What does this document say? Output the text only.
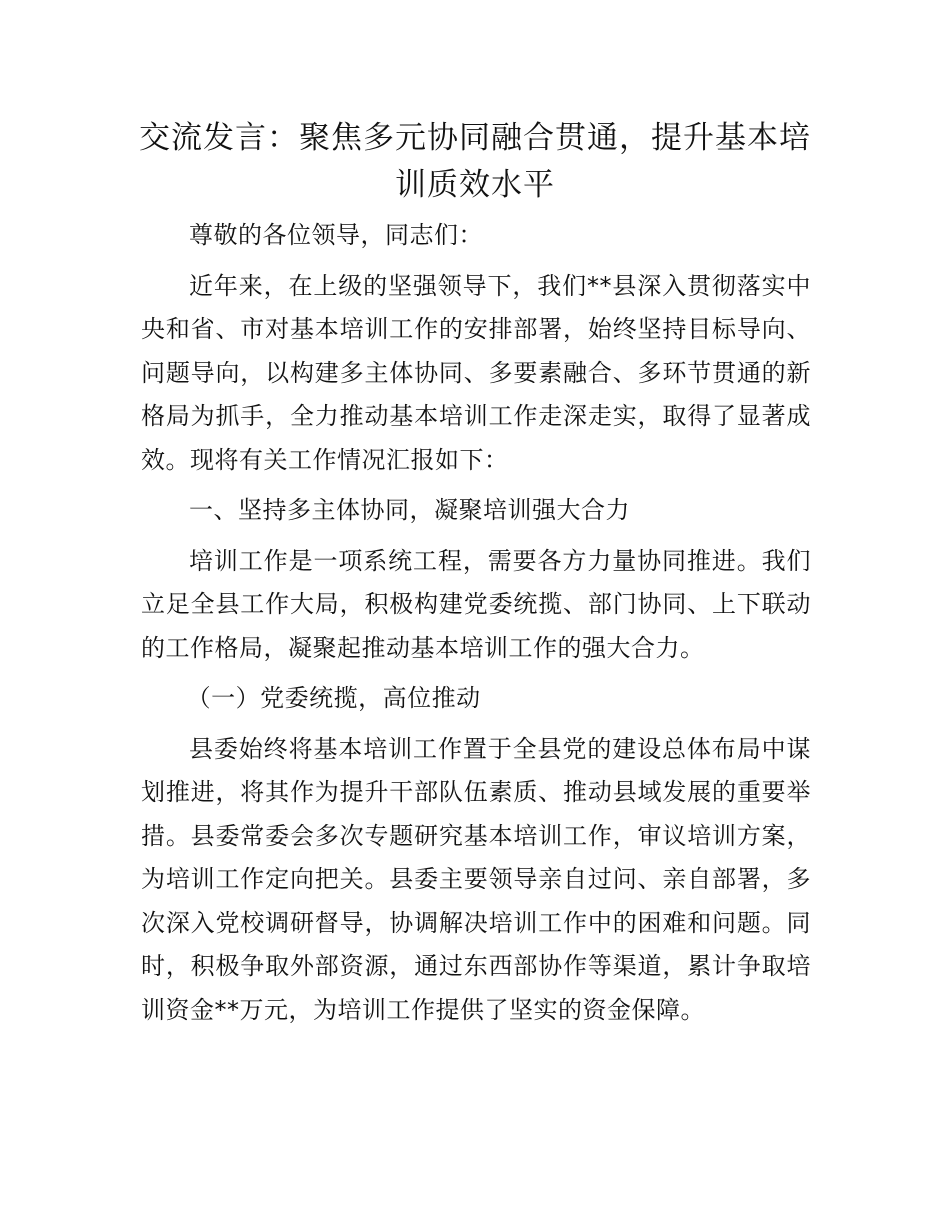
交流发言：聚焦多元协同融合贯通，提升基本培训质效水平

尊敬的各位领导，同志们：

近年来，在上级的坚强领导下，我们**县深入贯彻落实中央和省、市对基本培训工作的安排部署，始终坚持目标导向、问题导向，以构建多主体协同、多要素融合、多环节贯通的新格局为抓手，全力推动基本培训工作走深走实，取得了显著成效。现将有关工作情况汇报如下：

一、坚持多主体协同，凝聚培训强大合力

培训工作是一项系统工程，需要各方力量协同推进。我们立足全县工作大局，积极构建党委统揽、部门协同、上下联动的工作格局，凝聚起推动基本培训工作的强大合力。

（一）党委统揽，高位推动

县委始终将基本培训工作置于全县党的建设总体布局中谋划推进，将其作为提升干部队伍素质、推动县域发展的重要举措。县委常委会多次专题研究基本培训工作，审议培训方案，为培训工作定向把关。县委主要领导亲自过问、亲自部署，多次深入党校调研督导，协调解决培训工作中的困难和问题。同时，积极争取外部资源，通过东西部协作等渠道，累计争取培训资金**万元，为培训工作提供了坚实的资金保障。
